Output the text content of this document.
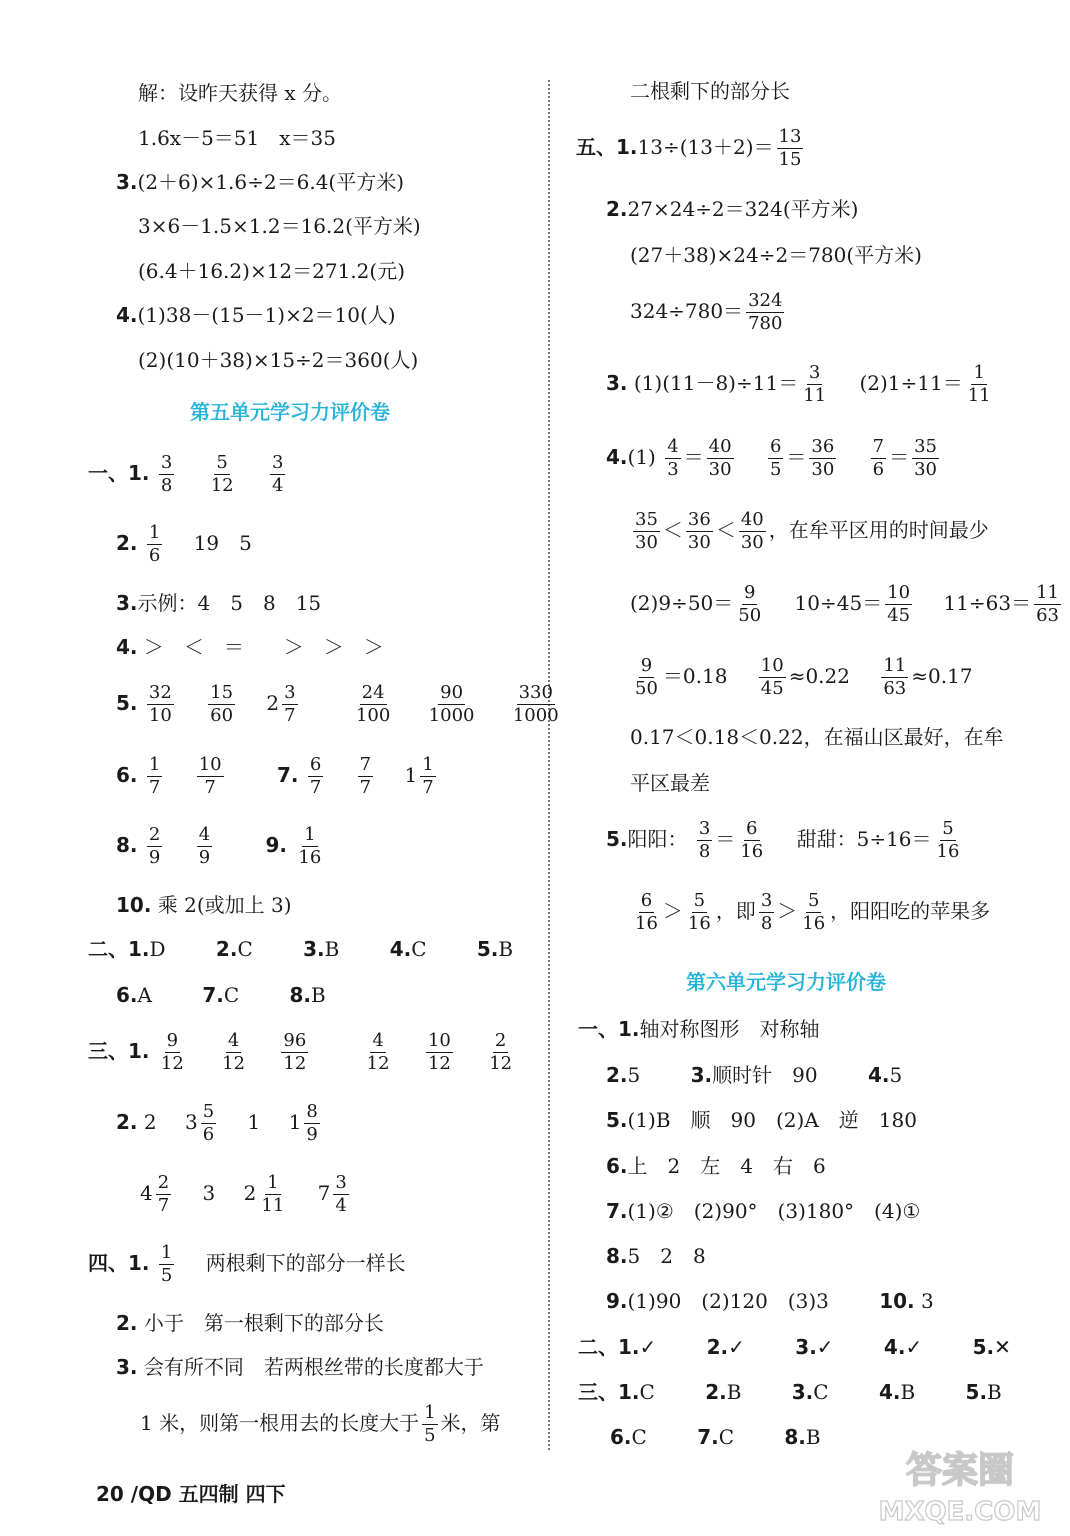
解：设昨天获得 x 分。
1.6x－5＝51　x＝35
3.(2＋6)×1.6÷2＝6.4(平方米)
3×6－1.5×1.2＝16.2(平方米)
(6.4＋16.2)×12＝271.2(元)
4.(1)38－(15－1)×2＝10(人)
(2)(10＋38)×15÷2＝360(人)
第五单元学习力评价卷
一、1. $\frac{3}{8}$
$\frac{5}{12}$
$\frac{3}{4}$
2. $\frac{1}{6} 19$　5
3.示例：4　5　8　15
4. ＞　＜　＝　　＞　＞　＞
5. $\frac{32}{10}$
$\frac{15}{60} 2 \frac{3}{7}$
	$\frac{24}{100}$
$\frac{90}{1000}$
$\frac{330}{1000}$
6. $\frac{1}{7}$
$\frac{10}{7}$	7. $\frac{6}{7}$
$\frac{7}{7} 1 \frac{1}{7}$
8. $\frac{2}{9}$
$\frac{4}{9}$	9. $\frac{1}{16}$
10. 乘 2(或加上 3)
二、1.D	2.C	3.B	4.C	5.B
6.A	7.C	8.B
三、1. $\frac{9}{12}$
$\frac{4}{12}$
$\frac{96}{12}$
	$\frac{4}{12}$
$\frac{10}{12}$
$\frac{2}{12}$
2. 2 $3 \frac{5}{6} 1$ $1 \frac{8}{9}$
$4 \frac{2}{7} 3$ $2 \frac{1}{11} 7 \frac{3}{4}$
四、1. $\frac{1}{5}$ 两根剩下的部分一样长
2. 小于　第一根剩下的部分长
3. 会有所不同　若两根丝带的长度都大于
1 米，则第一根用去的长度大于 $\frac{1}{5}$ 米，第
二根剩下的部分长
五、$1.13\div(13+2)= \frac{13}{15}$
2.27×24÷2＝324(平方米)
(27＋38)×24÷2＝780(平方米)
$324\div 780= \frac{324}{780}$
3. $(1)(11-8)\div 11= \frac{3}{11} (2)1\div 11= \frac{1}{11}$
$4.(1) \frac{4}{3} = \frac{40}{30}$
$\frac{6}{5} = \frac{36}{30}$
$\frac{7}{6} = \frac{35}{30}$
$\frac{35}{30} < \frac{36}{30} < \frac{40}{30}$ ，在牟平区用的时间最少
$(2)9\div 50= \frac{9}{50} 10\div 45= \frac{10}{45} 11\div 63= \frac{11}{63}$
$\frac{9}{50} =0.18 \frac{10}{45} \approx 0.22 \frac{11}{63} \approx 0.17$
0.17＜0.18＜0.22，在福山区最好，在牟
平区最差
5.阳阳： $\frac{3}{8} = \frac{6}{16}$ 甜甜：$5\div 16= \frac{5}{16}$
$\frac{6}{16} > \frac{5}{16}$ ，即 $\frac{3}{8} > \frac{5}{16}$ ，阳阳吃的苹果多
第六单元学习力评价卷
一、1.轴对称图形　对称轴
2.5	3.顺时针　90	4.5
5.(1)B　顺　90　(2)A　逆　180
6.上　2　左　4　右　6
7.(1)②　(2)90°　(3)180°　(4)①
8.5　2　8
9.(1)90　(2)120　(3)3	10. 3
二、1.✓	2.✓	3.✓	4.✓	5.✕
三、1.C	2.B	3.C	4.B	5.B
6.C	7.C	8.B
20 /QD 五四制 四下
答案圈
MXQE.COM
